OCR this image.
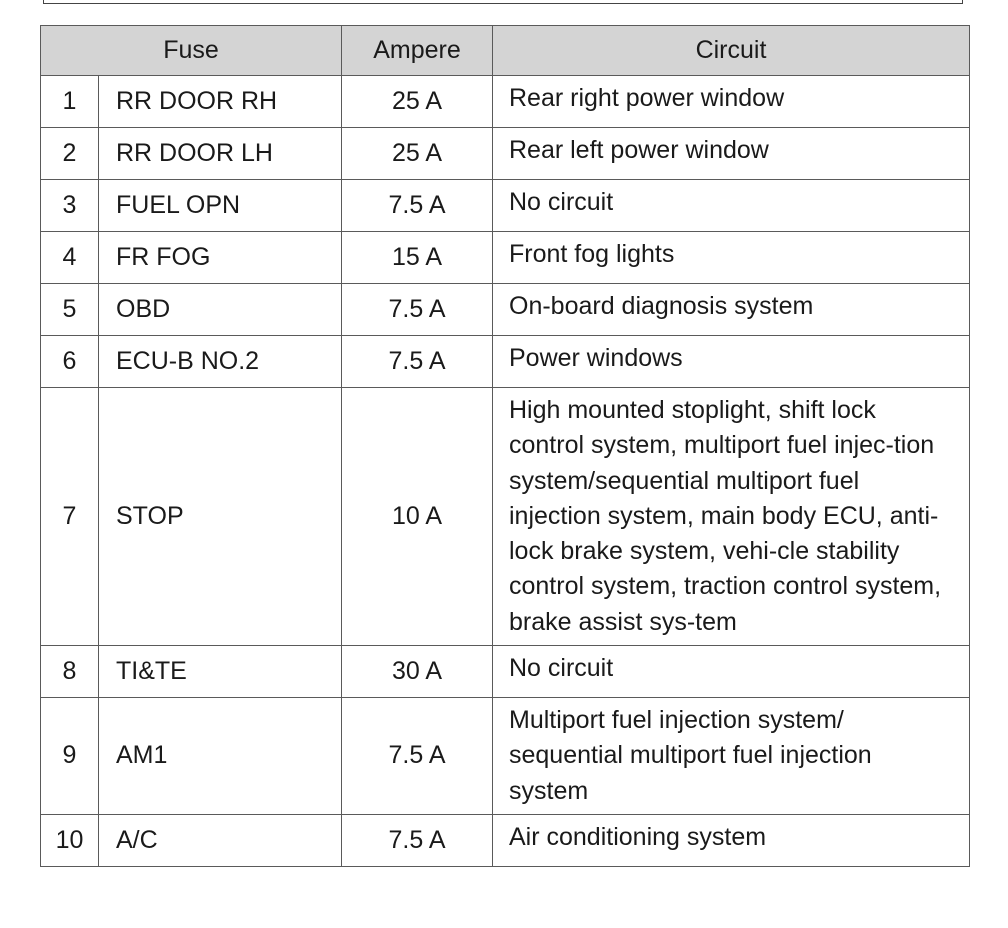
Fuse		Ampere	Circuit
1	RR DOOR RH	25 A	Rear right power window
2	RR DOOR LH	25 A	Rear left power window
3	FUEL OPN	7.5 A	No circuit
4	FR FOG	15 A	Front fog lights
5	OBD	7.5 A	On-board diagnosis system
6	ECU-B NO.2	7.5 A	Power windows
7	STOP	10 A	High mounted stoplight, shift lock control system, multiport fuel injec-tion system/sequential multiport fuel injection system, main body ECU, anti-lock brake system, vehi-cle stability control system, traction control system, brake assist sys-tem
8	TI&TE	30 A	No circuit
9	AM1	7.5 A	Multiport fuel injection system/ sequential multiport fuel injection system
10	A/C	7.5 A	Air conditioning system
